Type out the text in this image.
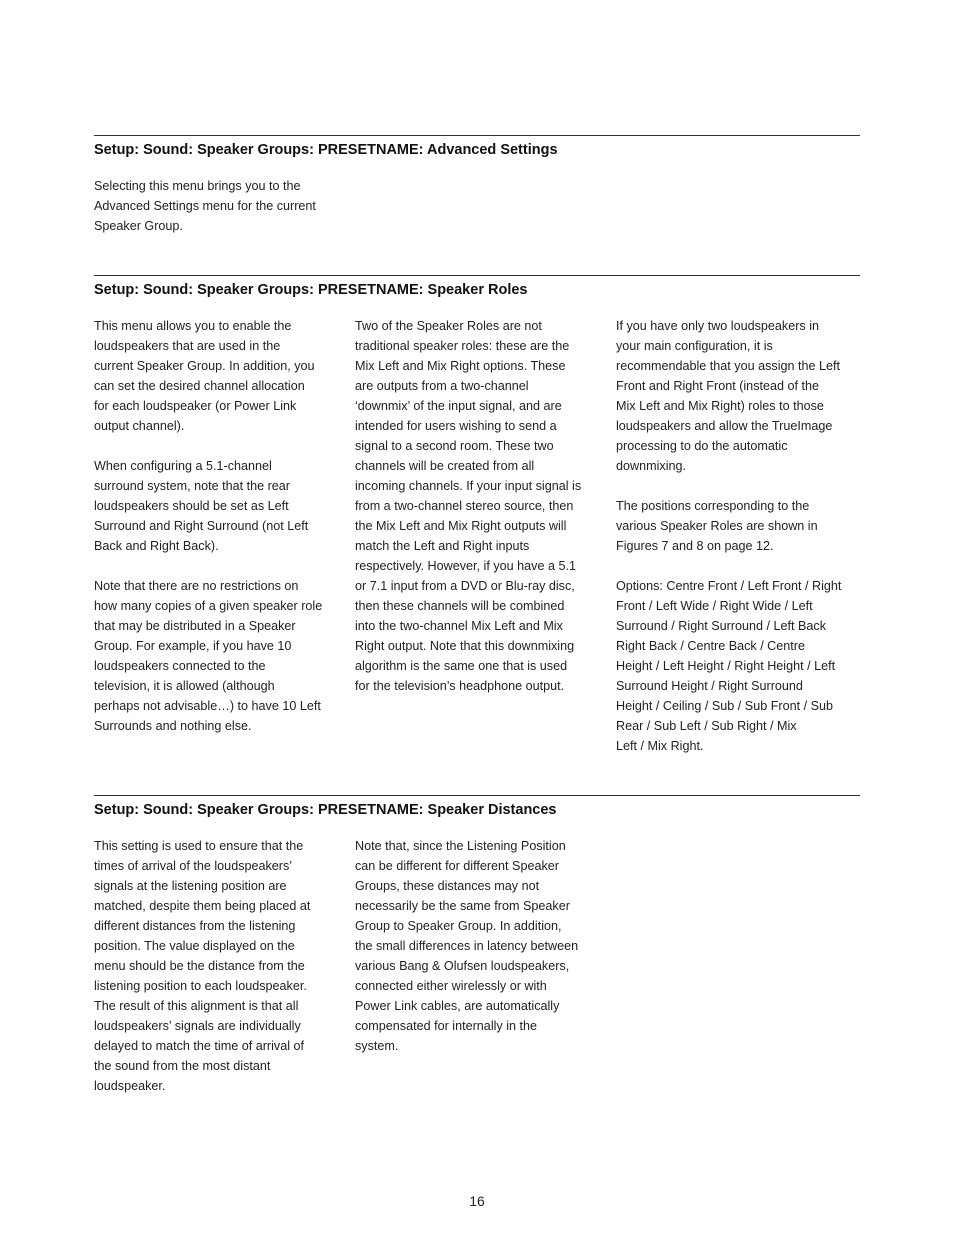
Setup: Sound: Speaker Groups: PRESETNAME: Advanced Settings

Selecting this menu brings you to the
Advanced Settings menu for the current
Speaker Group.

Setup: Sound: Speaker Groups: PRESETNAME: Speaker Roles

This menu allows you to enable the
loudspeakers that are used in the
current Speaker Group. In addition, you
can set the desired channel allocation
for each loudspeaker (or Power Link
output channel).

When configuring a 5.1-channel
surround system, note that the rear
loudspeakers should be set as Left
Surround and Right Surround (not Left
Back and Right Back).

Note that there are no restrictions on
how many copies of a given speaker role
that may be distributed in a Speaker
Group. For example, if you have 10
loudspeakers connected to the
television, it is allowed (although
perhaps not advisable…) to have 10 Left
Surrounds and nothing else.

Two of the Speaker Roles are not
traditional speaker roles: these are the
Mix Left and Mix Right options. These
are outputs from a two-channel
‘downmix’ of the input signal, and are
intended for users wishing to send a
signal to a second room. These two
channels will be created from all
incoming channels. If your input signal is
from a two-channel stereo source, then
the Mix Left and Mix Right outputs will
match the Left and Right inputs
respectively. However, if you have a 5.1
or 7.1 input from a DVD or Blu-ray disc,
then these channels will be combined
into the two-channel Mix Left and Mix
Right output. Note that this downmixing
algorithm is the same one that is used
for the television’s headphone output.

If you have only two loudspeakers in
your main configuration, it is
recommendable that you assign the Left
Front and Right Front (instead of the
Mix Left and Mix Right) roles to those
loudspeakers and allow the TrueImage
processing to do the automatic
downmixing.

The positions corresponding to the
various Speaker Roles are shown in
Figures 7 and 8 on page 12.

Options: Centre Front / Left Front / Right
Front / Left Wide / Right Wide / Left
Surround / Right Surround / Left Back
Right Back / Centre Back / Centre
Height / Left Height / Right Height / Left
Surround Height / Right Surround
Height / Ceiling / Sub / Sub Front / Sub
Rear / Sub Left / Sub Right / Mix
Left / Mix Right.

Setup: Sound: Speaker Groups: PRESETNAME: Speaker Distances

This setting is used to ensure that the
times of arrival of the loudspeakers’
signals at the listening position are
matched, despite them being placed at
different distances from the listening
position. The value displayed on the
menu should be the distance from the
listening position to each loudspeaker.
The result of this alignment is that all
loudspeakers’ signals are individually
delayed to match the time of arrival of
the sound from the most distant
loudspeaker.

Note that, since the Listening Position
can be different for different Speaker
Groups, these distances may not
necessarily be the same from Speaker
Group to Speaker Group. In addition,
the small differences in latency between
various Bang & Olufsen loudspeakers,
connected either wirelessly or with
Power Link cables, are automatically
compensated for internally in the
system.

16
